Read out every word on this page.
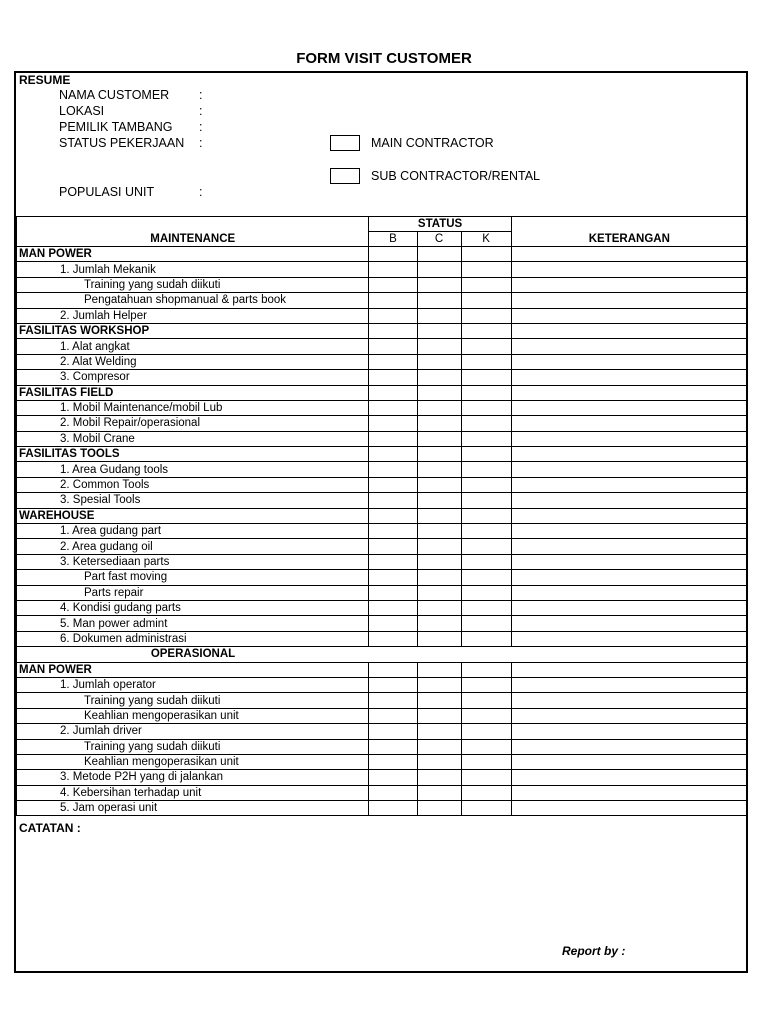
FORM VISIT CUSTOMER
RESUME
NAMA CUSTOMER :
LOKASI	:
PEMILIK TAMBANG :
STATUS PEKERJAAN :
POPULASI UNIT	:
MAIN CONTRACTOR
SUB CONTRACTOR/RENTAL
MAINTENANCE	STATUS			KETERANGAN
	B	C	K	
MAN POWER				
1. Jumlah Mekanik				
Training yang sudah diikuti				
Pengatahuan shopmanual & parts book				
2. Jumlah Helper				
FASILITAS WORKSHOP				
1. Alat angkat				
2. Alat Welding				
3. Compresor				
FASILITAS FIELD				
1. Mobil Maintenance/mobil Lub				
2. Mobil Repair/operasional				
3. Mobil Crane				
FASILITAS TOOLS				
1. Area Gudang tools				
2. Common Tools				
3. Spesial Tools				
WAREHOUSE				
1. Area gudang part				
2. Area gudang oil				
3. Ketersediaan parts				
Part fast moving				
Parts repair				
4. Kondisi gudang parts				
5. Man power admint				
6. Dokumen administrasi				
OPERASIONAL				
MAN POWER				
1. Jumlah operator				
Training yang sudah diikuti				
Keahlian mengoperasikan unit				
2. Jumlah driver				
Training yang sudah diikuti				
Keahlian mengoperasikan unit				
3. Metode P2H yang di jalankan				
4. Kebersihan terhadap unit				
5. Jam operasi unit				
CATATAN :
Report by :
